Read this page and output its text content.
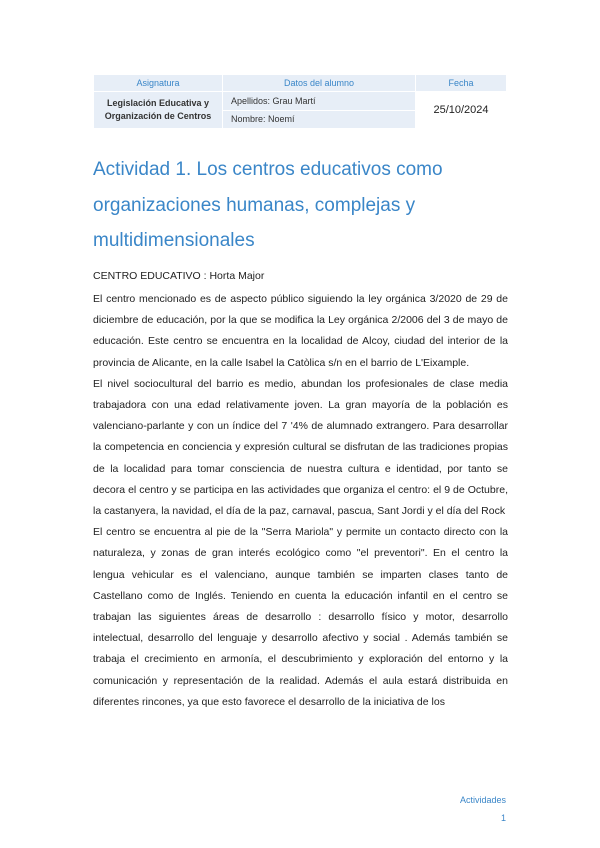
Asignatura	Datos del alumno	Fecha

Legislación Educativa y
Organización de Centros	Apellidos: Grau Martí	25/10/2024
	Nombre: Noemí	
Actividad 1. Los centros educativos como organizaciones humanas, complejas y multidimensionales
CENTRO EDUCATIVO : Horta Major

El centro mencionado es de aspecto público siguiendo la ley orgánica 3/2020 de 29 de diciembre de educación, por la que se modifica la Ley orgánica 2/2006 del 3 de mayo de educación. Este centro se encuentra en la localidad de Alcoy, ciudad del interior de la provincia de Alicante, en la calle Isabel la Catòlica s/n en el barrio de L'Eixample.

El nivel sociocultural del barrio es medio, abundan los profesionales de clase media trabajadora con una edad relativamente joven. La gran mayoría de la población es valenciano-parlante y con un índice del 7 '4% de alumnado extrangero. Para desarrollar la competencia en conciencia y expresión cultural se disfrutan de las tradiciones propias de la localidad para tomar consciencia de nuestra cultura e identidad, por tanto se decora el centro y se participa en las actividades que organiza el centro: el 9 de Octubre, la castanyera, la navidad, el día de la paz, carnaval, pascua, Sant Jordi y el día del Rock

El centro se encuentra al pie de la "Serra Mariola" y permite un contacto directo con la naturaleza, y zonas de gran interés ecológico como "el preventori". En el centro la lengua vehicular es el valenciano, aunque también se imparten clases tanto de Castellano como de Inglés. Teniendo en cuenta la educación infantil en el centro se trabajan las siguientes áreas de desarrollo : desarrollo físico y motor, desarrollo intelectual, desarrollo del lenguaje y desarrollo afectivo y social . Además también se trabaja el crecimiento en armonía, el descubrimiento y exploración del entorno y la comunicación y representación de la realidad. Además el aula estará distribuida en diferentes rincones, ya que esto favorece el desarrollo de la iniciativa de los

Actividades
1
